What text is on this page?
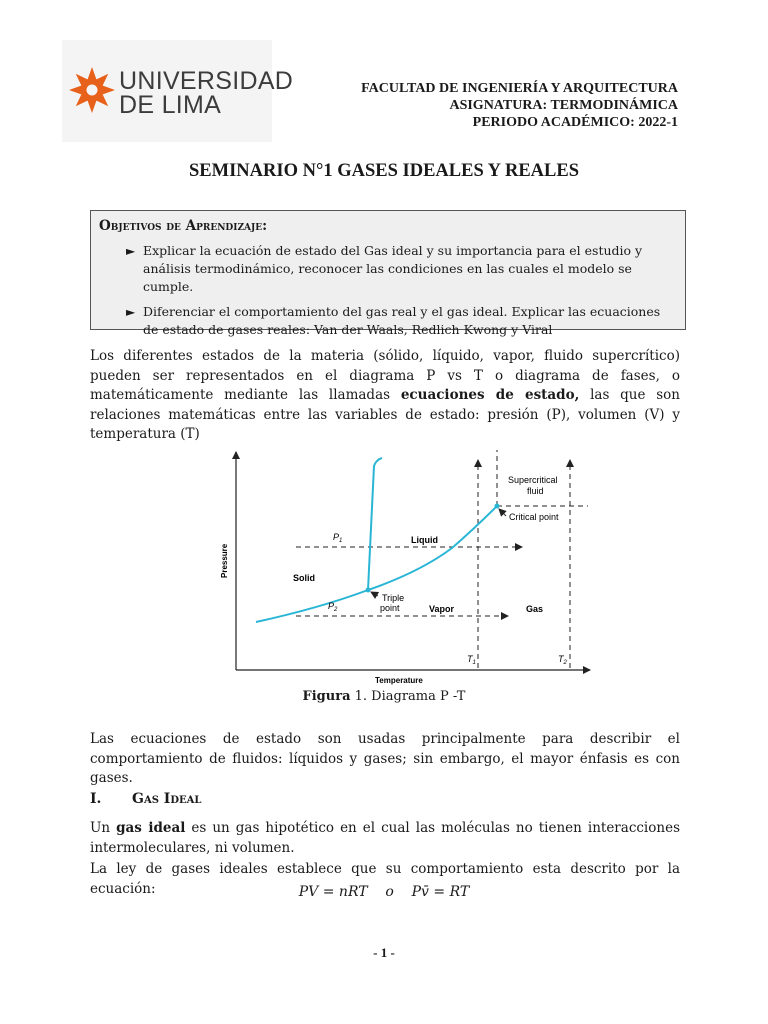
UNIVERSIDAD
DE LIMA
FACULTAD DE INGENIERÍA Y ARQUITECTURA
ASIGNATURA: TERMODINÁMICA
PERIODO ACADÉMICO: 2022-1
SEMINARIO N°1 GASES IDEALES Y REALES
Objetivos de Aprendizaje:
► Explicar la ecuación de estado del Gas ideal y su importancia para el estudio y análisis termodinámico, reconocer las condiciones en las cuales el modelo se cumple.
► Diferenciar el comportamiento del gas real y el gas ideal. Explicar las ecuaciones de estado de gases reales: Van der Waals, Redlich Kwong y Viral
Los diferentes estados de la materia (sólido, líquido, vapor, fluido supercrítico) pueden ser representados en el diagrama P vs T o diagrama de fases, o matemáticamente mediante las llamadas ecuaciones de estado, las que son relaciones matemáticas entre las variables de estado: presión (P), volumen (V) y temperatura (T)
Pressure
Temperature
Solid
Liquid
Vapor	Gas
Supercritical
fluid
Critical point
Triple
point
$P_1$
$P_2$
$T_1$	$T_2$
Figura 1. Diagrama P -T
Las ecuaciones de estado son usadas principalmente para describir el comportamiento de fluidos: líquidos y gases; sin embargo, el mayor énfasis es con gases.
I. Gas Ideal
Un gas ideal es un gas hipotético en el cual las moléculas no tienen interacciones intermoleculares, ni volumen.
La ley de gases ideales establece que su comportamiento esta descrito por la ecuación:	PV = nRT o Pv̄ = RT
- 1 -
